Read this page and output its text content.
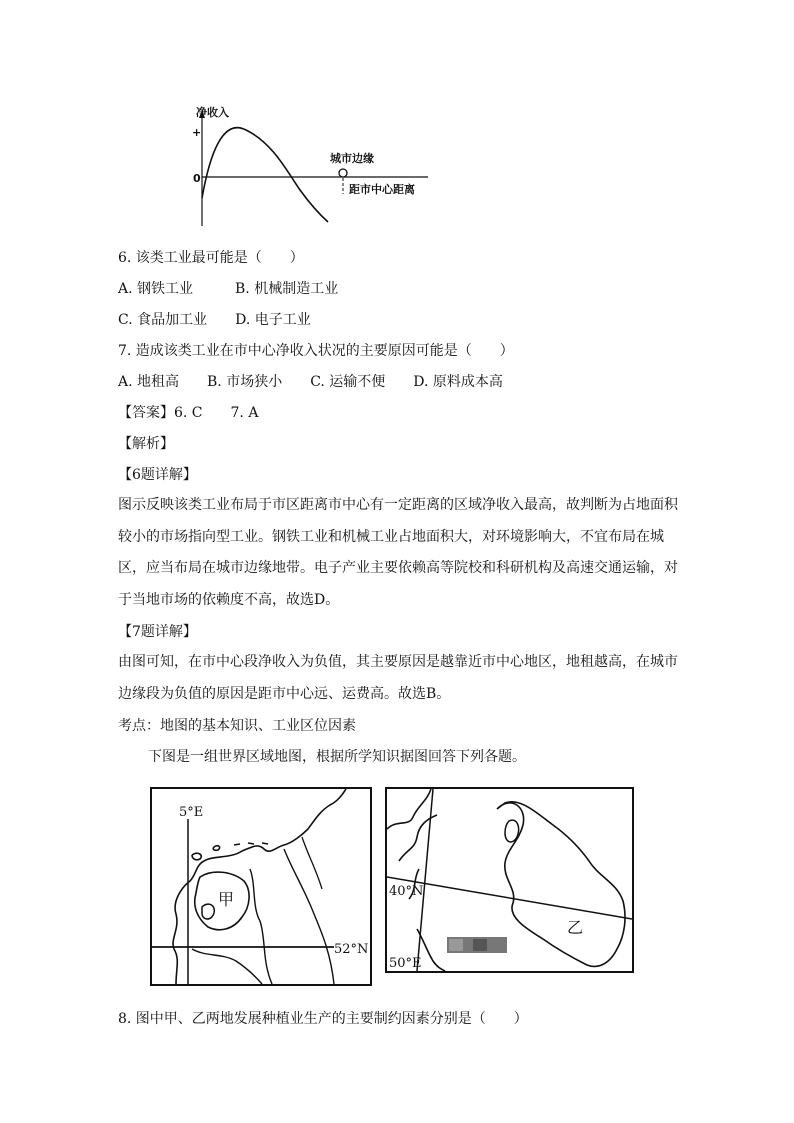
净收入
+
0
城市边缘
距市中心距离
6. 该类工业最可能是（　　）
A. 钢铁工业　　　B. 机械制造工业
C. 食品加工业　　D. 电子工业
7. 造成该类工业在市中心净收入状况的主要原因可能是（　　）
A. 地租高　　B. 市场狭小　　C. 运输不便　　D. 原料成本高
【答案】6. C　　7. A
【解析】
【6题详解】
图示反映该类工业布局于市区距离市中心有一定距离的区域净收入最高，故判断为占地面积较小的市场指向型工业。钢铁工业和机械工业占地面积大，对环境影响大，不宜布局在城区，应当布局在城市边缘地带。电子产业主要依赖高等院校和科研机构及高速交通运输，对于当地市场的依赖度不高，故选D。
【7题详解】
由图可知，在市中心段净收入为负值，其主要原因是越靠近市中心地区，地租越高，在城市边缘段为负值的原因是距市中心远、运费高。故选B。
考点：地图的基本知识、工业区位因素
下图是一组世界区域地图，根据所学知识据图回答下列各题。
5°E
甲
52°N
40°N
50°E
乙
8. 图中甲、乙两地发展种植业生产的主要制约因素分别是（　　）
